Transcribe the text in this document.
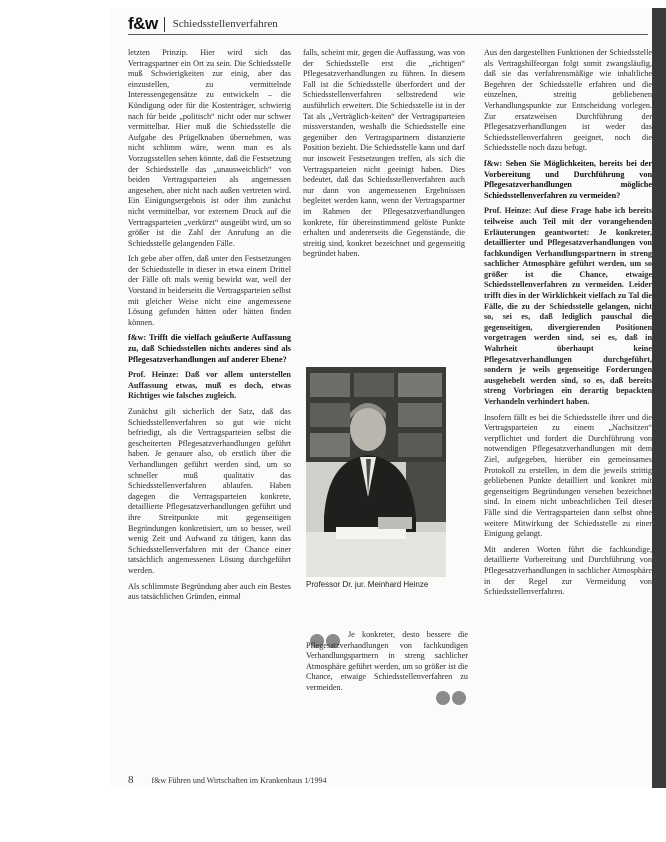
f&w Schiedsstellenverfahren

letzten Prinzip. Hier wird sich das Vertragspartner ein Ort zu sein. Die Schiedsstelle muß Schwierigkeiten zur einig, aber das einzustellen, zu vermittelnde Interessengegensätze zu entwickeln – die Kündigung oder für die Kostenträger, schwierig nach für beide „politisch“ nicht oder nur schwer vermittelbar. Hier muß die Schiedsstelle die Aufgabe des Prügelknaben übernehmen, was nicht schlimm wäre, wenn man es als Vorzugsstellen sehen könnte, daß die Festsetzung der Schiedsstelle das „unausweichlich“ von beiden Vertragsparteien als angemessen angesehen, aber nicht nach außen vertreten wird. Ein Einigungsergebnis ist oder ihm zunächst nicht vermittelbar, vor externem Druck auf die Vertragsparteien „verkürzt“ ausgeübt wird, um so größer ist die Zahl der Anrufung an die Schiedsstelle gelangenden Fälle.

Ich gebe aber offen, daß unter den Festsetzungen der Schiedsstelle in dieser in etwa einem Drittel der Fälle oft mals wenig bewirkt war, weil der Vorstand in beiderseits die Vertragsparteien selbst mit gleicher Weise nicht eine angemessene Lösung gefunden hätten oder hätten finden können.

f&w: Trifft die vielfach geäußerte Auffassung zu, daß Schiedsstellen nichts anderes sind als Pflegesatzverhandlungen auf anderer Ebene?

Prof. Heinze: Daß vor allem unterstellen Auffassung etwas, muß es doch, etwas Richtiges wie falsches zugleich.

Zunächst gilt sicherlich der Satz, daß das Schiedsstellenverfahren so gut wie nicht befriedigt, als die Vertragsparteien selbst die gescheiterten Pflegesatzverhandlungen geführt haben. Je genauer also, ob erstlich über die Verhandlungen geführt werden sind, um so schneller muß qualitativ das Schiedsstellenverfahren ablaufen. Haben dagegen die Vertragsparteien konkrete, detaillierte Pflegesatzverhandlungen geführt und ihre Streitpunkte mit gegenseitigen Begründungen konkretisiert, um so besser, weil wenig Zeit und Aufwand zu tätigen, kann das Schiedsstellenverfahren mit der Chance einer tatsächlich angemessenen Lösung durchgeführt werden.

Als schlimmste Begründung aber auch ein Bestes aus tatsächlichen Gründen, einmal

falls, scheint mir, gegen die Auffassung, was von der Schiedsstelle erst die „richtigen“ Pflegesatzverhandlungen zu führen. In diesem Fall ist die Schiedsstelle überfordert und der Schiedsstellenverfahren selbstredend wie ausführlich erweitert. Die Schiedsstelle ist in der Tat als „Verträglich-keiten“ der Vertragsparteien missverstanden, weshalb die Schiedsstelle eine gegenüber den Vertragspartnern distanzierte Position bezieht. Die Schiedsstelle kann und darf nur insoweit Festsetzungen treffen, als sich die Vertragsparteien nicht geeinigt haben. Dies bedeutet, daß das Schiedsstellenverfahren auch nur dann von angemessenen Ergebnissen begleitet werden kann, wenn der Vertragspartner im Rahmen der Pflegesatzverhandlungen konkrete, für übereinstimmend gelöste Punkte erhalten und andererseits die Gegenstände, die streitig sind, konkret bezeichnet und gegenseitig begründet haben.

Professor Dr. jur. Meinhard Heinze
Je konkreter, desto bessere die Pflegesatzverhandlungen von fachkundigen Verhandlungspartnern in streng sachlicher Atmosphäre geführt werden, um so größer ist die Chance, etwaige Schiedsstellenverfahren zu vermeiden.

Aus den dargestellten Funktionen der Schiedsstelle als Vertragshilfeorgan folgt somit zwangsläufig, daß sie das verfahrensmäßige wie inhaltliche Begehren der Schiedsstelle erfahren und die einzelnen, streitig gebliebenen Verhandlungspunkte zur Entscheidung vorlegen. Zur ersatzweisen Durchführung der Pflegesatzverhandlungen ist weder das Schiedsstellenverfahren geeignet, noch die Schiedsstelle noch dazu befugt.

f&w: Sehen Sie Möglichkeiten, bereits bei der Vorbereitung und Durchführung von Pflegesatzverhandlungen mögliche Schiedsstellenverfahren zu vermeiden?

Prof. Heinze: Auf diese Frage habe ich bereits teilweise auch Teil mit der vorangehenden Erläuterungen geantwortet: Je konkreter, detaillierter und Pflegesatzverhandlungen von fachkundigen Verhandlungspartnern in streng sachlicher Atmosphäre geführt werden, um so größer ist die Chance, etwaige Schiedsstellenverfahren zu vermeiden. Leider trifft dies in der Wirklichkeit vielfach zu Tal die Fälle, die zu der Schiedsstelle gelangen, nicht so, sei es, daß lediglich pauschal die gegenseitigen, divergierenden Positionen vorgetragen werden sind, sei es, daß in Wahrheit überhaupt keine Pflegesatzverhandlungen durchgeführt, sondern je weils gegenseitige Forderungen ausgehebelt werden sind, so es, daß bereits streng Vorbringen ein derartig bepackten Verhandeln verhindert haben.

Insofern fällt es bei die Schiedsstelle ihrer und die Vertragsparteien zu einem „Nachsitzen“ verpflichtet und fordert die Durchführung von notwendigen Pflegesatzverhandlungen mit dem Ziel, aufgegeben, hierüber ein gemeinsames Protokoll zu erstellen, in dem die jeweils strittig gebliebenen Punkte detailliert und konkret mit gegenseitigen Begründungen versehen bezeichnet sind. In einem nicht unbeachtlichen Teil dieser Fälle sind die Vertragsparteien dann selbst ohne weitere Mitwirkung der Schiedsstelle zu einer Einigung gelangt.

Mit anderen Worten führt die fachkundige, detaillierte Vorbereitung und Durchführung von Pflegesatzverhandlungen in sachlicher Atmosphäre in der Regel zur Vermeidung von Schiedsstellenverfahren.

8 f&w Führen und Wirtschaften im Krankenhaus 1/1994
